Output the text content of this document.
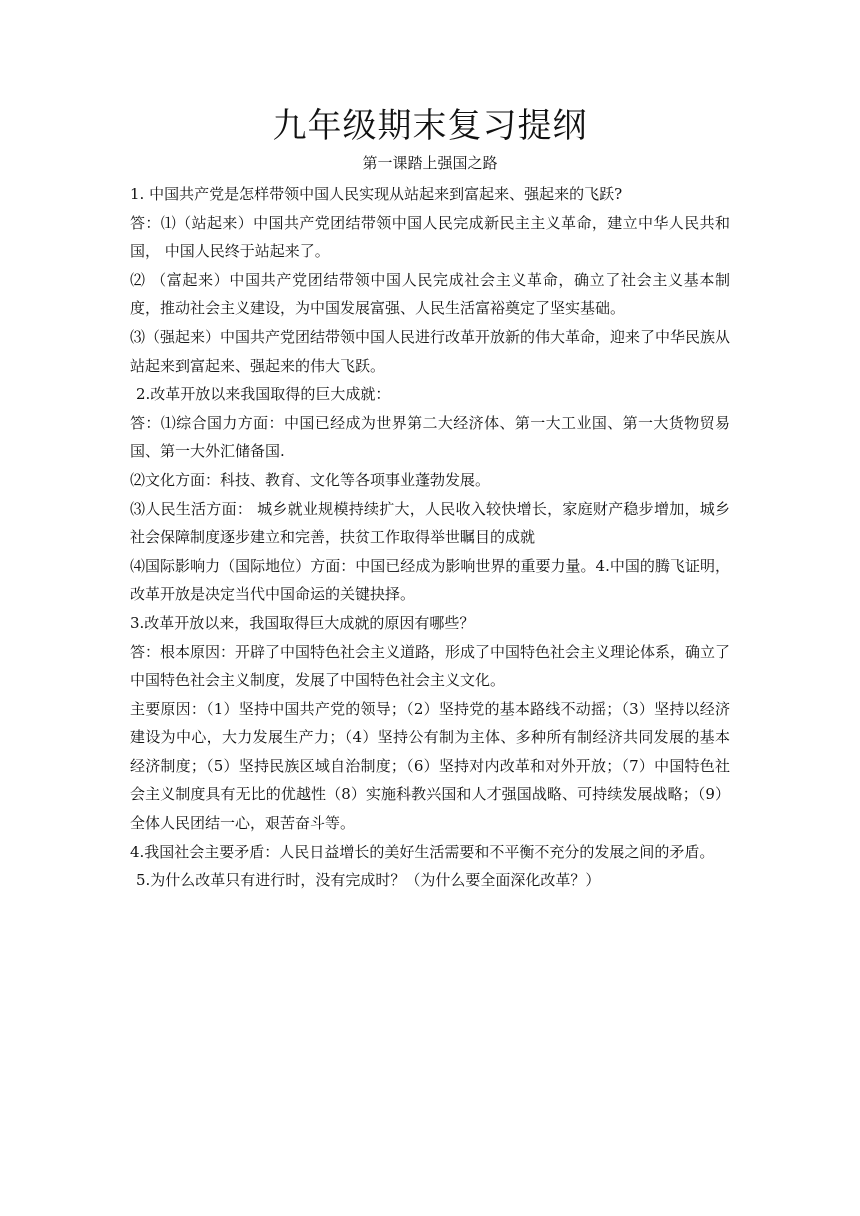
九年级期末复习提纲
第一课踏上强国之路

1. 中国共产党是怎样带领中国人民实现从站起来到富起来、强起来的飞跃?

答：⑴（站起来）中国共产党团结带领中国人民完成新民主主义革命，建立中华人民共和国， 中国人民终于站起来了。

⑵ （富起来）中国共产党团结带领中国人民完成社会主义革命，确立了社会主义基本制度，推动社会主义建设，为中国发展富强、人民生活富裕奠定了坚实基础。

⑶（强起来）中国共产党团结带领中国人民进行改革开放新的伟大革命，迎来了中华民族从站起来到富起来、强起来的伟大飞跃。

2.改革开放以来我国取得的巨大成就：

答：⑴综合国力方面：中国已经成为世界第二大经济体、第一大工业国、第一大货物贸易国、第一大外汇储备国.

⑵文化方面：科技、教育、文化等各项事业蓬勃发展。

⑶人民生活方面： 城乡就业规模持续扩大，人民收入较快增长，家庭财产稳步增加，城乡社会保障制度逐步建立和完善，扶贫工作取得举世瞩目的成就

⑷国际影响力（国际地位）方面：中国已经成为影响世界的重要力量。4.中国的腾飞证明，改革开放是决定当代中国命运的关键抉择。

3.改革开放以来，我国取得巨大成就的原因有哪些？

答：根本原因：开辟了中国特色社会主义道路，形成了中国特色社会主义理论体系，确立了中国特色社会主义制度，发展了中国特色社会主义文化。

主要原因：（1）坚持中国共产党的领导；（2）坚持党的基本路线不动摇；（3）坚持以经济建设为中心，大力发展生产力；（4）坚持公有制为主体、多种所有制经济共同发展的基本经济制度；（5）坚持民族区域自治制度；（6）坚持对内改革和对外开放；（7）中国特色社会主义制度具有无比的优越性（8）实施科教兴国和人才强国战略、可持续发展战略；（9）全体人民团结一心，艰苦奋斗等。

4.我国社会主要矛盾：人民日益增长的美好生活需要和不平衡不充分的发展之间的矛盾。

5.为什么改革只有进行时，没有完成时？（为什么要全面深化改革？）
